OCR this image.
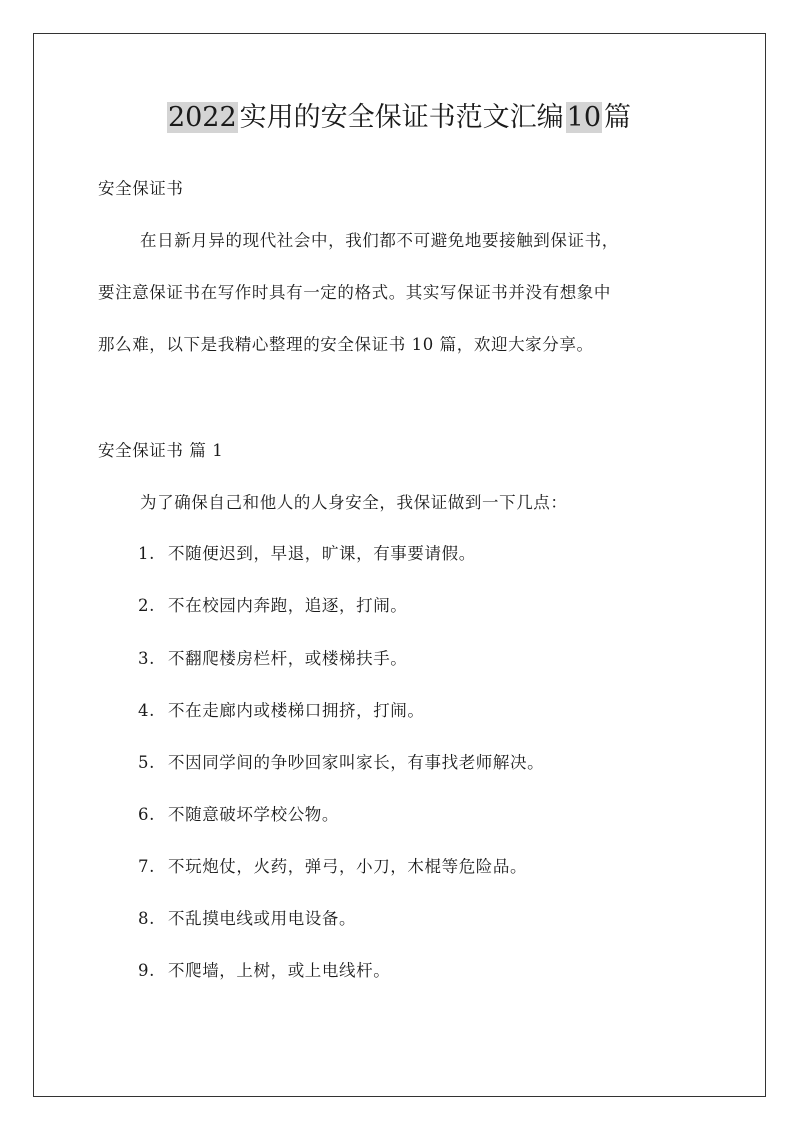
2022 实用的安全保证书范文汇编 10 篇
安全保证书
在日新月异的现代社会中，我们都不可避免地要接触到保证书，
要注意保证书在写作时具有一定的格式。其实写保证书并没有想象中
那么难，以下是我精心整理的安全保证书 10 篇，欢迎大家分享。
安全保证书 篇 1
为了确保自己和他人的人身安全，我保证做到一下几点：
1. 不随便迟到，早退，旷课，有事要请假。
2. 不在校园内奔跑，追逐，打闹。
3. 不翻爬楼房栏杆，或楼梯扶手。
4. 不在走廊内或楼梯口拥挤，打闹。
5. 不因同学间的争吵回家叫家长，有事找老师解决。
6. 不随意破坏学校公物。
7. 不玩炮仗，火药，弹弓，小刀，木棍等危险品。
8. 不乱摸电线或用电设备。
9. 不爬墙，上树，或上电线杆。
